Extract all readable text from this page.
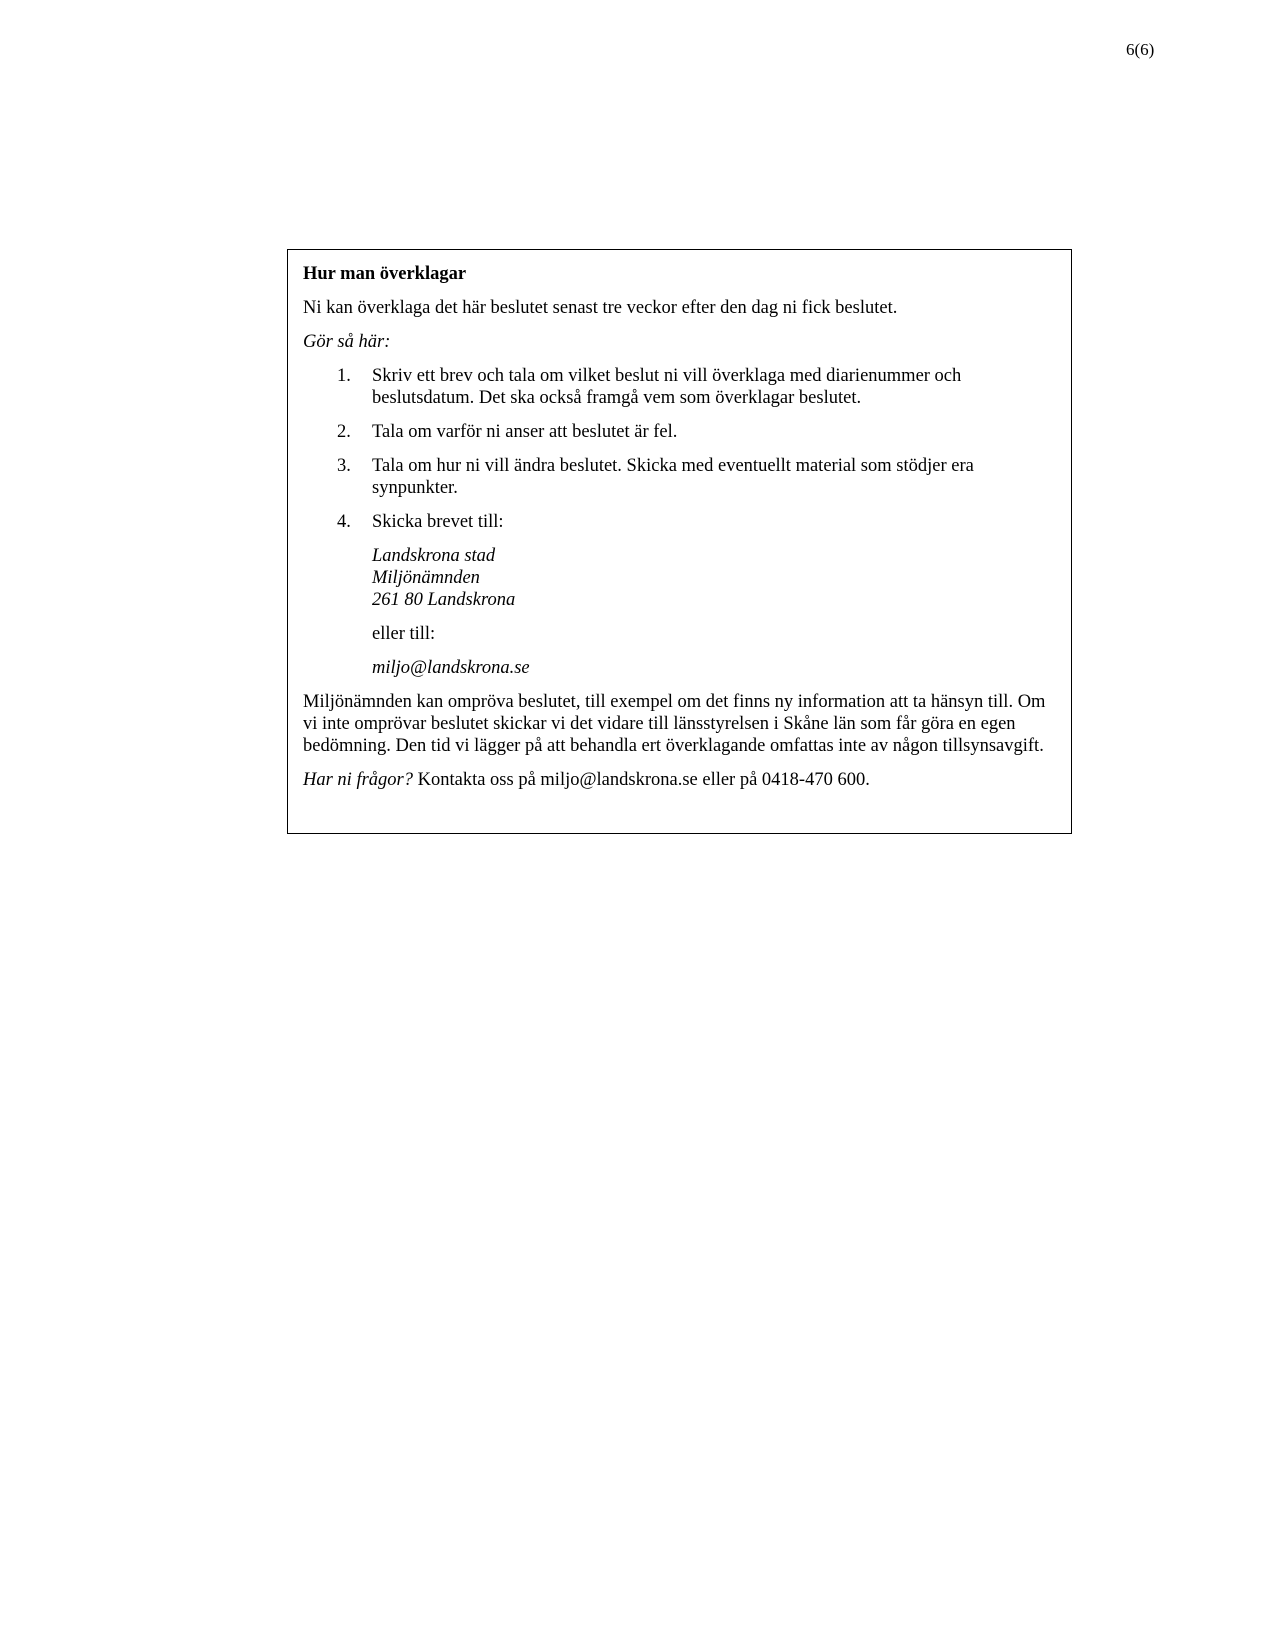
6(6)
Hur man överklagar
Ni kan överklaga det här beslutet senast tre veckor efter den dag ni fick beslutet.
Gör så här:
1.	Skriv ett brev och tala om vilket beslut ni vill överklaga med diarienummer och beslutsdatum. Det ska också framgå vem som överklagar beslutet.
2.	Tala om varför ni anser att beslutet är fel.
3.	Tala om hur ni vill ändra beslutet. Skicka med eventuellt material som stödjer era synpunkter.
4.	Skicka brevet till:
Landskrona stad
Miljönämnden
261 80 Landskrona
eller till:
miljo@landskrona.se
Miljönämnden kan ompröva beslutet, till exempel om det finns ny information att ta hänsyn till. Om vi inte omprövar beslutet skickar vi det vidare till länsstyrelsen i Skåne län som får göra en egen bedömning. Den tid vi lägger på att behandla ert överklagande omfattas inte av någon tillsynsavgift.
Har ni frågor? Kontakta oss på miljo@landskrona.se eller på 0418-470 600.
